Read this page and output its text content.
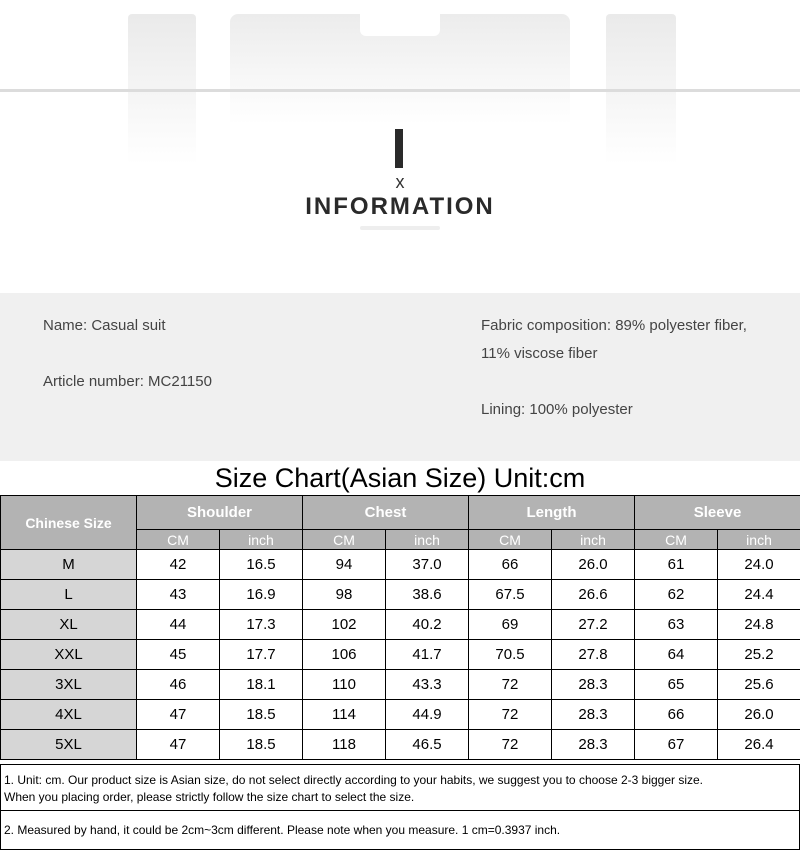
x
INFORMATION
Name: Casual suit
Article number: MC21150
Fabric composition: 89% polyester fiber,
11% viscose fiber
Lining: 100% polyester
Size Chart(Asian Size) Unit:cm
Chinese Size	Shoulder		Chest		Length		Sleeve	
	CM	inch	CM	inch	CM	inch	CM	inch
M	42	16.5	94	37.0	66	26.0	61	24.0
L	43	16.9	98	38.6	67.5	26.6	62	24.4
XL	44	17.3	102	40.2	69	27.2	63	24.8
XXL	45	17.7	106	41.7	70.5	27.8	64	25.2
3XL	46	18.1	110	43.3	72	28.3	65	25.6
4XL	47	18.5	114	44.9	72	28.3	66	26.0
5XL	47	18.5	118	46.5	72	28.3	67	26.4
1. Unit: cm. Our product size is Asian size, do not select directly according to your habits, we suggest you to choose 2-3 bigger size.
When you placing order, please strictly follow the size chart to select the size.
2. Measured by hand, it could be 2cm~3cm different. Please note when you measure. 1 cm=0.3937 inch.
